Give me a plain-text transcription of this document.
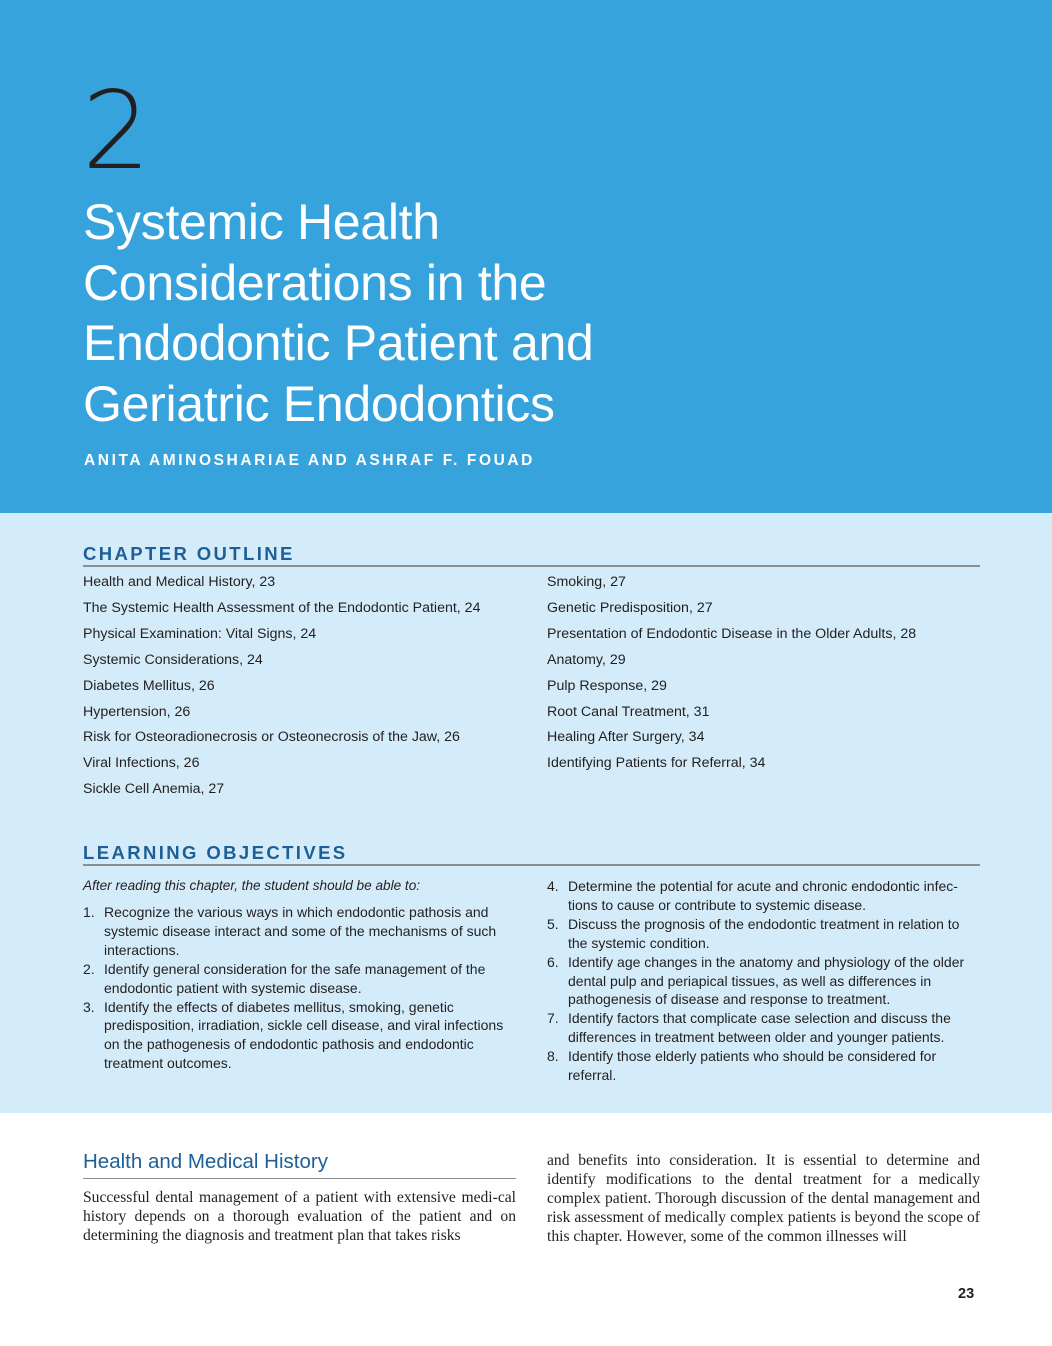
2
Systemic Health
Considerations in the
Endodontic Patient and
Geriatric Endodontics
ANITA AMINOSHARIAE AND ASHRAF F. FOUAD
CHAPTER OUTLINE
Health and Medical History, 23
The Systemic Health Assessment of the Endodontic Patient, 24
Physical Examination: Vital Signs, 24
Systemic Considerations, 24
Diabetes Mellitus, 26
Hypertension, 26
Risk for Osteoradionecrosis or Osteonecrosis of the Jaw, 26
Viral Infections, 26
Sickle Cell Anemia, 27
Smoking, 27
Genetic Predisposition, 27
Presentation of Endodontic Disease in the Older Adults, 28
Anatomy, 29
Pulp Response, 29
Root Canal Treatment, 31
Healing After Surgery, 34
Identifying Patients for Referral, 34
LEARNING OBJECTIVES
After reading this chapter, the student should be able to:
1. Recognize the various ways in which endodontic pathosis and systemic disease interact and some of the mechanisms of such interactions.
2. Identify general consideration for the safe management of the endodontic patient with systemic disease.
3. Identify the effects of diabetes mellitus, smoking, genetic predisposition, irradiation, sickle cell disease, and viral infections on the pathogenesis of endodontic pathosis and endodontic treatment outcomes.
4. Determine the potential for acute and chronic endodontic infec-tions to cause or contribute to systemic disease.
5. Discuss the prognosis of the endodontic treatment in relation to the systemic condition.
6. Identify age changes in the anatomy and physiology of the older dental pulp and periapical tissues, as well as differences in pathogenesis of disease and response to treatment.
7. Identify factors that complicate case selection and discuss the differences in treatment between older and younger patients.
8. Identify those elderly patients who should be considered for referral.
Health and Medical History

Successful dental management of a patient with extensive medi-cal history depends on a thorough evaluation of the patient and on determining the diagnosis and treatment plan that takes risks

and benefits into consideration. It is essential to determine and identify modifications to the dental treatment for a medically complex patient. Thorough discussion of the dental management and risk assessment of medically complex patients is beyond the scope of this chapter. However, some of the common illnesses will

23
